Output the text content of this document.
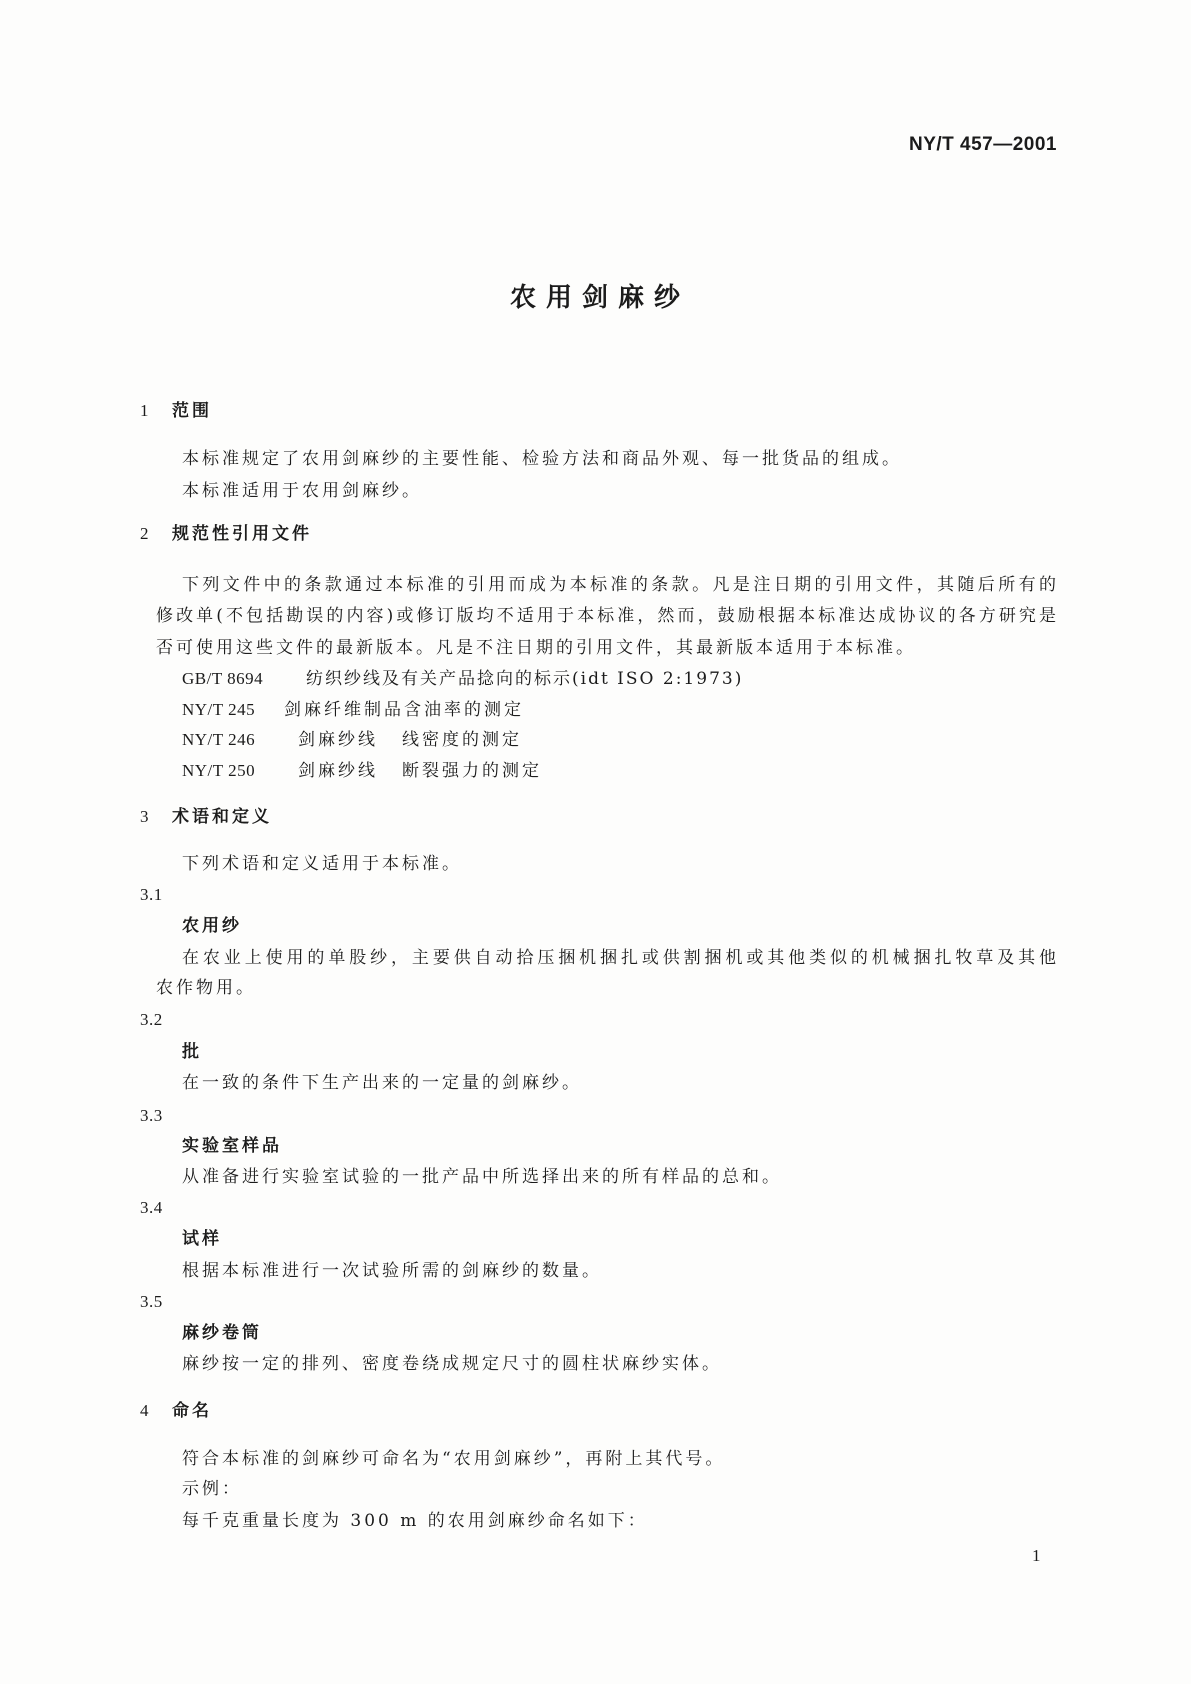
NY/T 457—2001
农用剑麻纱
1 范围
本标准规定了农用剑麻纱的主要性能、检验方法和商品外观、每一批货品的组成。
本标准适用于农用剑麻纱。
2 规范性引用文件
下列文件中的条款通过本标准的引用而成为本标准的条款。凡是注日期的引用文件，其随后所有的
修改单(不包括勘误的内容)或修订版均不适用于本标准，然而，鼓励根据本标准达成协议的各方研究是
否可使用这些文件的最新版本。凡是不注日期的引用文件，其最新版本适用于本标准。
GB/T 8694	纺织纱线及有关产品捻向的标示(idt ISO 2:1973)
NY/T 245 剑麻纤维制品含油率的测定
NY/T 246	剑麻纱线 线密度的测定
NY/T 250	剑麻纱线 断裂强力的测定
3 术语和定义
下列术语和定义适用于本标准。
3.1
农用纱
在农业上使用的单股纱，主要供自动拾压捆机捆扎或供割捆机或其他类似的机械捆扎牧草及其他
农作物用。
3.2
批
在一致的条件下生产出来的一定量的剑麻纱。
3.3
实验室样品
从准备进行实验室试验的一批产品中所选择出来的所有样品的总和。
3.4
试样
根据本标准进行一次试验所需的剑麻纱的数量。
3.5
麻纱卷筒
麻纱按一定的排列、密度卷绕成规定尺寸的圆柱状麻纱实体。
4 命名
符合本标准的剑麻纱可命名为“农用剑麻纱”，再附上其代号。
示例：
每千克重量长度为 300 m 的农用剑麻纱命名如下：
1
